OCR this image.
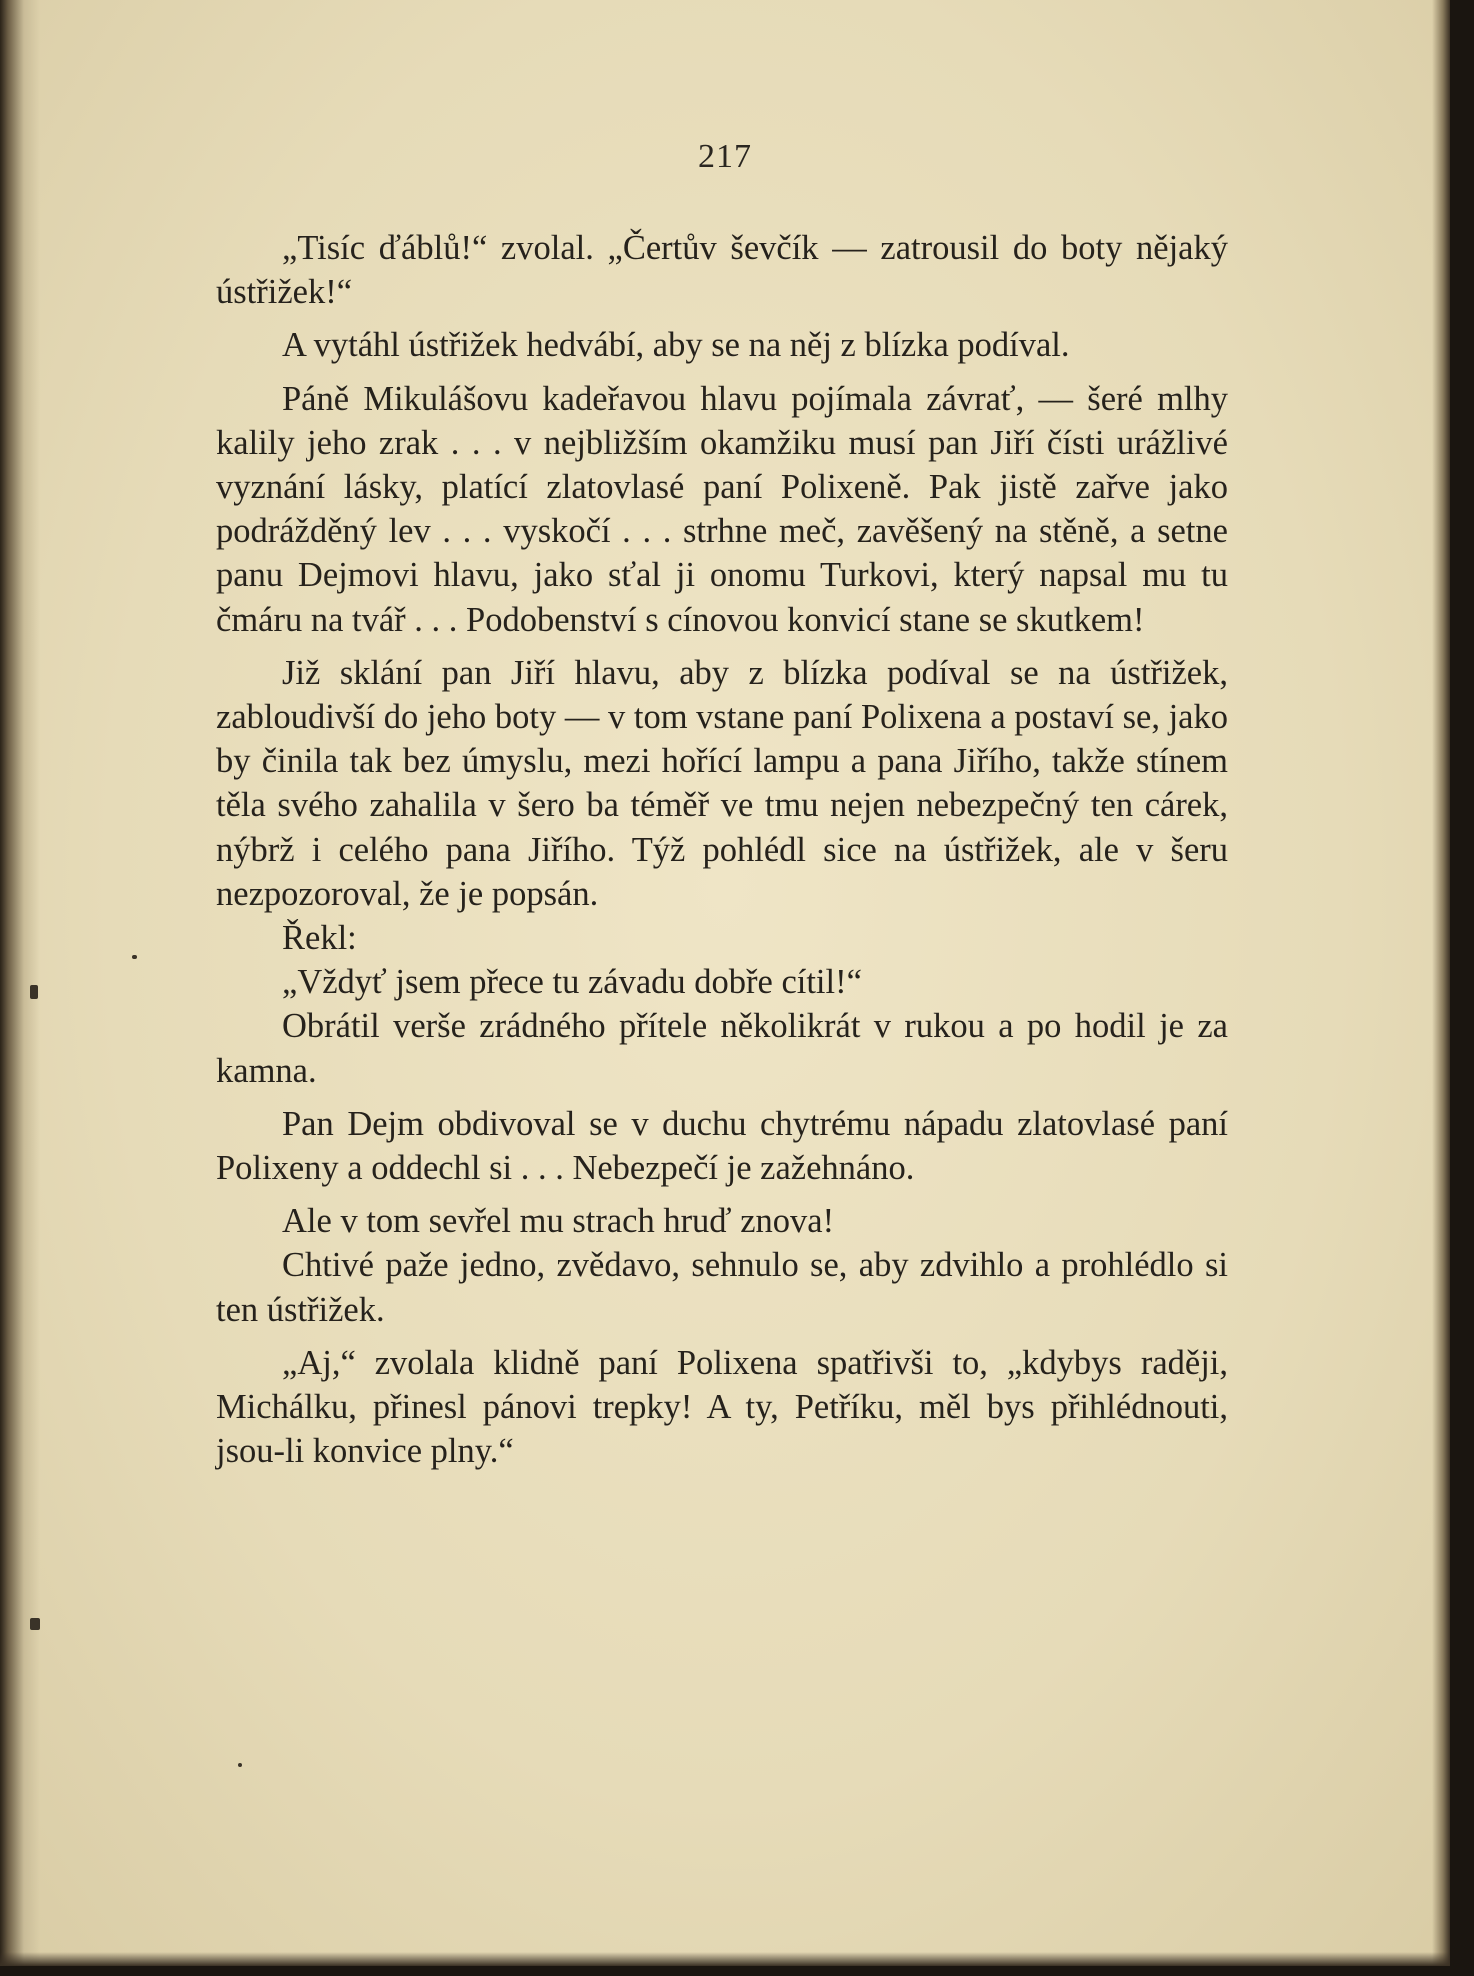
217

„Tisíc ďáblů!“ zvolal. „Čertův ševčík — zatrousil do boty nějaký ústřižek!“

A vytáhl ústřižek hedvábí, aby se na něj z blízka podíval.

Páně Mikulášovu kadeřavou hlavu pojímala závrať, — šeré mlhy kalily jeho zrak . . . v nejbližším okamžiku musí pan Jiří čísti urážlivé vyznání lásky, platící zlatovlasé paní Polixeně. Pak jistě zařve jako podrážděný lev . . . vyskočí . . . strhne meč, zavěšený na stěně, a setne panu Dejmovi hlavu, jako sťal ji onomu Turkovi, který napsal mu tu čmáru na tvář . . . Podobenství s cínovou konvicí stane se skutkem!

Již sklání pan Jiří hlavu, aby z blízka podíval se na ústřižek, zabloudivší do jeho boty — v tom vstane paní Polixena a postaví se, jako by činila tak bez úmyslu, mezi hořící lampu a pana Jiřího, takže stínem těla svého zahalila v šero ba téměř ve tmu nejen nebezpečný ten cárek, nýbrž i celého pana Jiřího. Týž pohlédl sice na ústřižek, ale v šeru nezpozoroval, že je popsán.

Řekl:

„Vždyť jsem přece tu závadu dobře cítil!“

Obrátil verše zrádného přítele několikrát v rukou a po hodil je za kamna.

Pan Dejm obdivoval se v duchu chytrému nápadu zlatovlasé paní Polixeny a oddechl si . . . Nebezpečí je zažehnáno.

Ale v tom sevřel mu strach hruď znova!

Chtivé paže jedno, zvědavo, sehnulo se, aby zdvihlo a prohlédlo si ten ústřižek.

„Aj,“ zvolala klidně paní Polixena spatřivši to, „kdybys raději, Michálku, přinesl pánovi trepky! A ty, Petříku, měl bys přihlédnouti, jsou-li konvice plny.“
